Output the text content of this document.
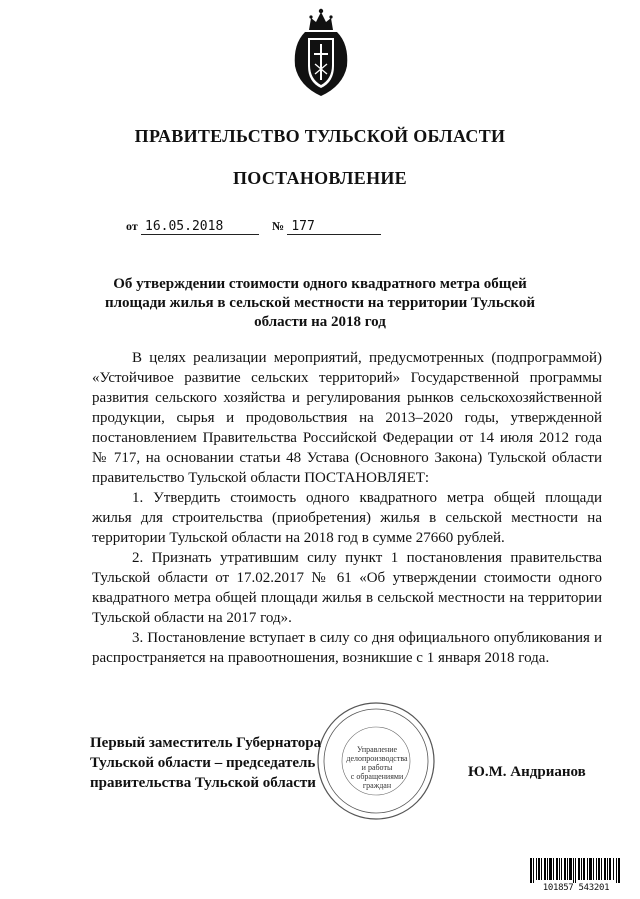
ПРАВИТЕЛЬСТВО ТУЛЬСКОЙ ОБЛАСТИ
ПОСТАНОВЛЕНИЕ
от 16.05.2018	№ 177
Об утверждении стоимости одного квадратного метра общей площади жилья в сельской местности на территории Тульской области на 2018 год

В целях реализации мероприятий, предусмотренных (подпрограммой) «Устойчивое развитие сельских территорий» Государственной программы развития сельского хозяйства и регулирования рынков сельскохозяйственной продукции, сырья и продовольствия на 2013–2020 годы, утвержденной постановлением Правительства Российской Федерации от 14 июля 2012 года № 717, на основании статьи 48 Устава (Основного Закона) Тульской области правительство Тульской области ПОСТАНОВЛЯЕТ:

1. Утвердить стоимость одного квадратного метра общей площади жилья для строительства (приобретения) жилья в сельской местности на территории Тульской области на 2018 год в сумме 27660 рублей.

2. Признать утратившим силу пункт 1 постановления правительства Тульской области от 17.02.2017 № 61 «Об утверждении стоимости одного квадратного метра общей площади жилья в сельской местности на территории Тульской области на 2017 год».

3. Постановление вступает в силу со дня официального опубликования и распространяется на правоотношения, возникшие с 1 января 2018 года.

Управление
делопроизводства
и работы
с обращениями
граждан
Первый заместитель Губернатора
Тульской области – председатель
правительства Тульской области
Ю.М. Андрианов
101857 543201
